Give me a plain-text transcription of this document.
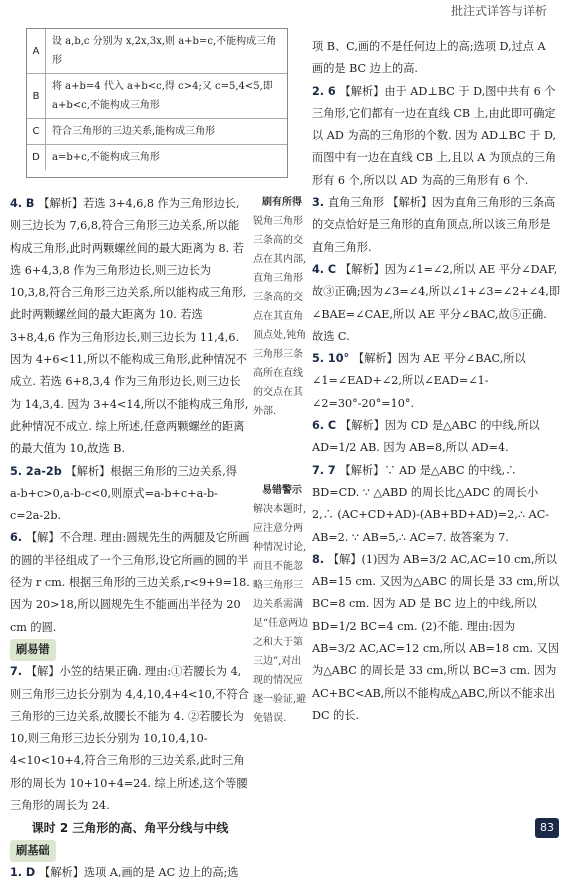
批注式详答与详析
A
设 a,b,c 分别为 x,2x,3x,则 a+b=c,不能构成三角形
B
将 a+b=4 代入 a+b<c,得 c>4;又 c=5,4<5,即 a+b<c,不能构成三角形
C	符合三角形的三边关系,能构成三角形
D	a=b+c,不能构成三角形
4. B 【解析】若选 3+4,6,8 作为三角形边长,则三边长为 7,6,8,符合三角形三边关系,所以能构成三角形,此时两颗螺丝间的最大距离为 8. 若选 6+4,3,8 作为三角形边长,则三边长为 10,3,8,符合三角形三边关系,所以能构成三角形,此时两颗螺丝间的最大距离为 10. 若选 3+8,4,6 作为三角形边长,则三边长为 11,4,6. 因为 4+6<11,所以不能构成三角形,此种情况不成立. 若选 6+8,3,4 作为三角形边长,则三边长为 14,3,4. 因为 3+4<14,所以不能构成三角形,此种情况不成立. 综上所述,任意两颗螺丝的距离的最大值为 10,故选 B.
5. 2a-2b 【解析】根据三角形的三边关系,得 a-b+c>0,a-b-c<0,则原式=a-b+c+a-b-c=2a-2b.
6. 【解】不合理. 理由:圆规先生的两腿及它所画的圆的半径组成了一个三角形,设它所画的圆的半径为 r cm. 根据三角形的三边关系,r<9+9=18. 因为 20>18,所以圆规先生不能画出半径为 20 cm 的圆.
刷易错
7. 【解】小笠的结果正确. 理由:①若腰长为 4,则三角形三边长分别为 4,4,10,4+4<10,不符合三角形的三边关系,故腰长不能为 4. ②若腰长为 10,则三角形三边长分别为 10,10,4,10-4<10<10+4,符合三角形的三边关系,此时三角形的周长为 10+10+4=24. 综上所述,这个等腰三角形的周长为 24.
课时 2 三角形的高、角平分线与中线
刷基础
1. D 【解析】选项 A,画的是 AC 边上的高;选
刷有所得
锐角三角形三条高的交点在其内部,直角三角形三条高的交点在其直角顶点处,钝角三角形三条高所在直线的交点在其外部.
易错警示
解决本题时,应注意分两种情况讨论,而且不能忽略三角形三边关系需满足“任意两边之和大于第三边”,对出现的情况应逐一验证,避免错误.
项 B、C,画的不是任何边上的高;选项 D,过点 A 画的是 BC 边上的高.
2. 6 【解析】由于 AD⊥BC 于 D,图中共有 6 个三角形,它们都有一边在直线 CB 上,由此即可确定以 AD 为高的三角形的个数. 因为 AD⊥BC 于 D,而图中有一边在直线 CB 上,且以 A 为顶点的三角形有 6 个,所以以 AD 为高的三角形有 6 个.
3. 直角三角形 【解析】因为直角三角形的三条高的交点恰好是三角形的直角顶点,所以该三角形是直角三角形.
4. C 【解析】因为∠1=∠2,所以 AE 平分∠DAF,故③正确;因为∠3=∠4,所以∠1+∠3=∠2+∠4,即∠BAE=∠CAE,所以 AE 平分∠BAC,故⑤正确. 故选 C.
5. 10° 【解析】因为 AE 平分∠BAC,所以∠1=∠EAD+∠2,所以∠EAD=∠1-∠2=30°-20°=10°.
6. C 【解析】因为 CD 是△ABC 的中线,所以 AD=1/2 AB. 因为 AB=8,所以 AD=4.
7. 7 【解析】∵ AD 是△ABC 的中线,∴ BD=CD. ∵ △ABD 的周长比△ADC 的周长小 2,∴ (AC+CD+AD)-(AB+BD+AD)=2,∴ AC-AB=2. ∵ AB=5,∴ AC=7. 故答案为 7.
8. 【解】(1)因为 AB=3/2 AC,AC=10 cm,所以 AB=15 cm. 又因为△ABC 的周长是 33 cm,所以 BC=8 cm. 因为 AD 是 BC 边上的中线,所以 BD=1/2 BC=4 cm. (2)不能. 理由:因为 AB=3/2 AC,AC=12 cm,所以 AB=18 cm. 又因为△ABC 的周长是 33 cm,所以 BC=3 cm. 因为 AC+BC<AB,所以不能构成△ABC,所以不能求出 DC 的长.
83
